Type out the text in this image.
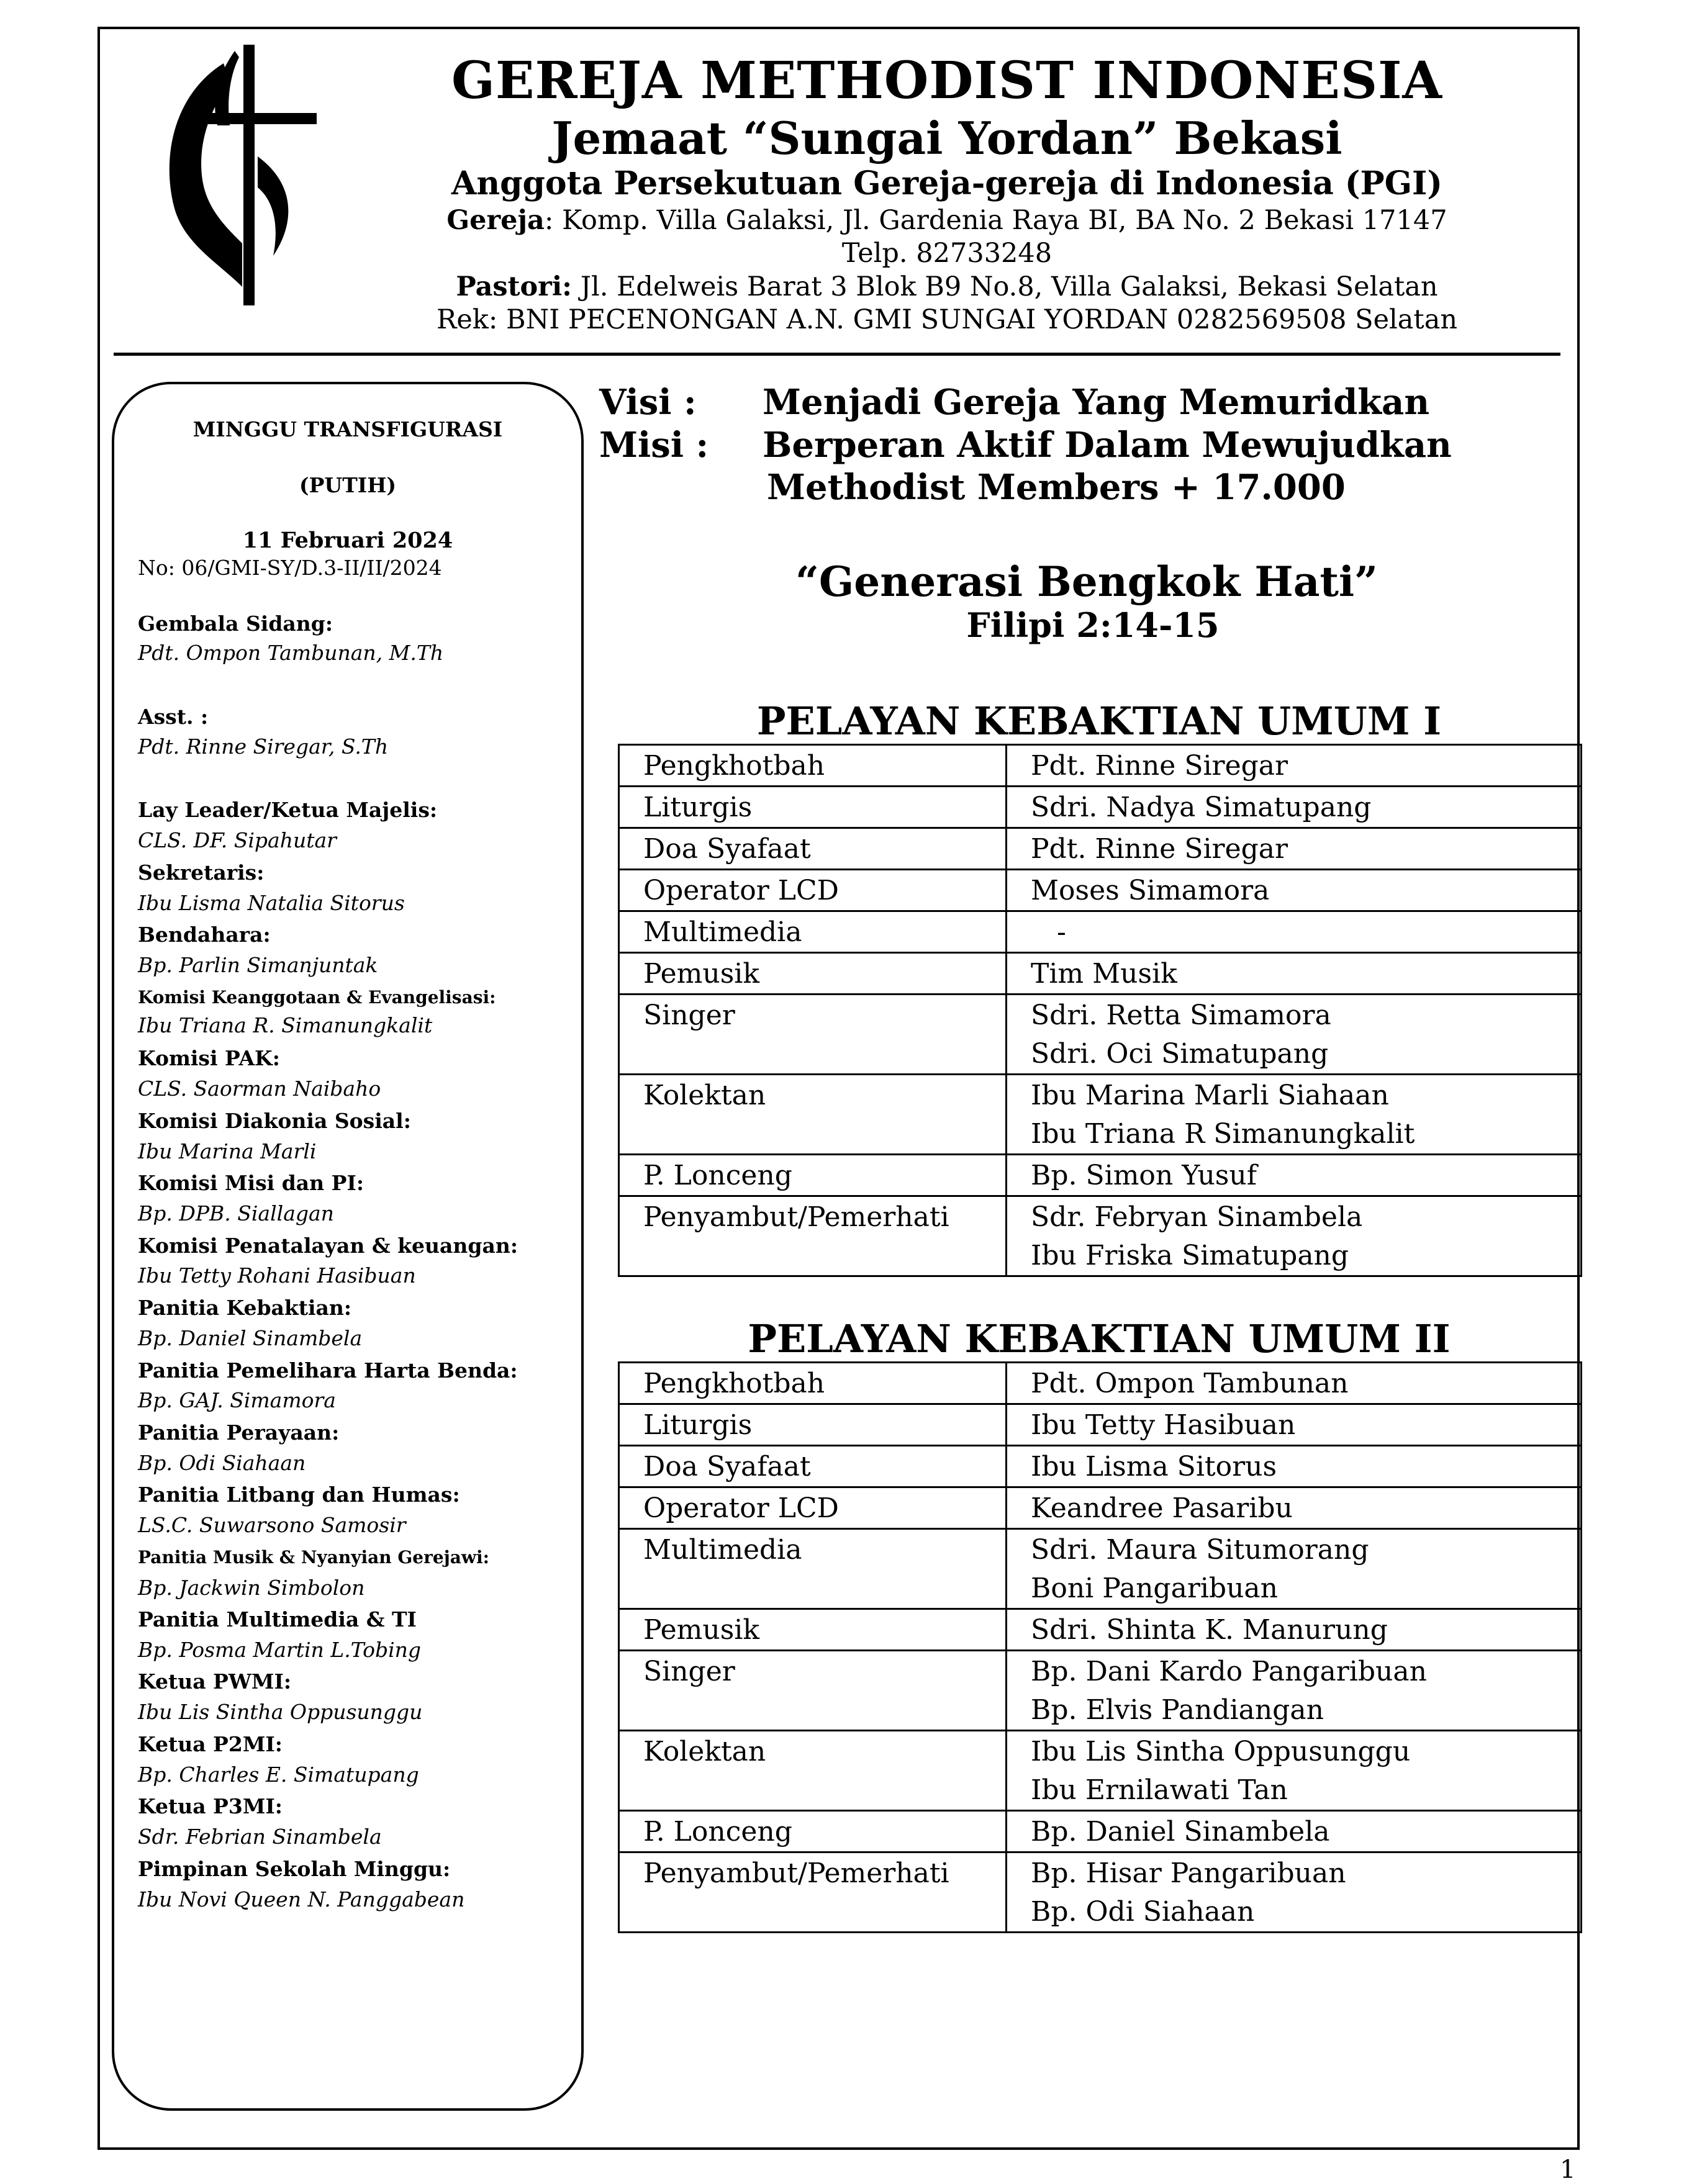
GEREJA METHODIST INDONESIA
Jemaat “Sungai Yordan” Bekasi
Anggota Persekutuan Gereja-gereja di Indonesia (PGI)
Gereja: Komp. Villa Galaksi, Jl. Gardenia Raya BI, BA No. 2 Bekasi 17147
Telp. 82733248
Pastori: Jl. Edelweis Barat 3 Blok B9 No.8, Villa Galaksi, Bekasi Selatan
Rek: BNI PECENONGAN A.N. GMI SUNGAI YORDAN 0282569508 Selatan
MINGGU TRANSFIGURASI
(PUTIH)
11 Februari 2024
No: 06/GMI-SY/D.3-II/II/2024
Gembala Sidang:
Pdt. Ompon Tambunan, M.Th
Asst. :
Pdt. Rinne Siregar, S.Th
Lay Leader/Ketua Majelis:
CLS. DF. Sipahutar
Sekretaris:
Ibu Lisma Natalia Sitorus
Bendahara:
Bp. Parlin Simanjuntak
Komisi Keanggotaan & Evangelisasi:
Ibu Triana R. Simanungkalit
Komisi PAK:
CLS. Saorman Naibaho
Komisi Diakonia Sosial:
Ibu Marina Marli
Komisi Misi dan PI:
Bp. DPB. Siallagan
Komisi Penatalayan & keuangan:
Ibu Tetty Rohani Hasibuan
Panitia Kebaktian:
Bp. Daniel Sinambela
Panitia Pemelihara Harta Benda:
Bp. GAJ. Simamora
Panitia Perayaan:
Bp. Odi Siahaan
Panitia Litbang dan Humas:
LS.C. Suwarsono Samosir
Panitia Musik & Nyanyian Gerejawi:
Bp. Jackwin Simbolon
Panitia Multimedia & TI
Bp. Posma Martin L.Tobing
Ketua PWMI:
Ibu Lis Sintha Oppusunggu
Ketua P2MI:
Bp. Charles E. Simatupang
Ketua P3MI:
Sdr. Febrian Sinambela
Pimpinan Sekolah Minggu:
Ibu Novi Queen N. Panggabean
Visi : Menjadi Gereja Yang Memuridkan
Misi : Berperan Aktif Dalam Mewujudkan
Methodist Members + 17.000
“Generasi Bengkok Hati”
Filipi 2:14-15
PELAYAN KEBAKTIAN UMUM I
Pengkhotbah	Pdt. Rinne Siregar

Liturgis	Sdri. Nadya Simatupang

Doa Syafaat	Pdt. Rinne Siregar

Operator LCD	Moses Simamora

Multimedia	-

Pemusik	Tim Musik

Singer	Sdri. Retta Simamora
Sdri. Oci Simatupang

Kolektan	Ibu Marina Marli Siahaan
Ibu Triana R Simanungkalit

P. Lonceng	Bp. Simon Yusuf

Penyambut/Pemerhati	Sdr. Febryan Sinambela
Ibu Friska Simatupang
PELAYAN KEBAKTIAN UMUM II
Pengkhotbah	Pdt. Ompon Tambunan

Liturgis	Ibu Tetty Hasibuan

Doa Syafaat	Ibu Lisma Sitorus

Operator LCD	Keandree Pasaribu

Multimedia	Sdri. Maura Situmorang
Boni Pangaribuan

Pemusik	Sdri. Shinta K. Manurung

Singer	Bp. Dani Kardo Pangaribuan
Bp. Elvis Pandiangan

Kolektan	Ibu Lis Sintha Oppusunggu
Ibu Ernilawati Tan

P. Lonceng	Bp. Daniel Sinambela

Penyambut/Pemerhati	Bp. Hisar Pangaribuan
Bp. Odi Siahaan
1
